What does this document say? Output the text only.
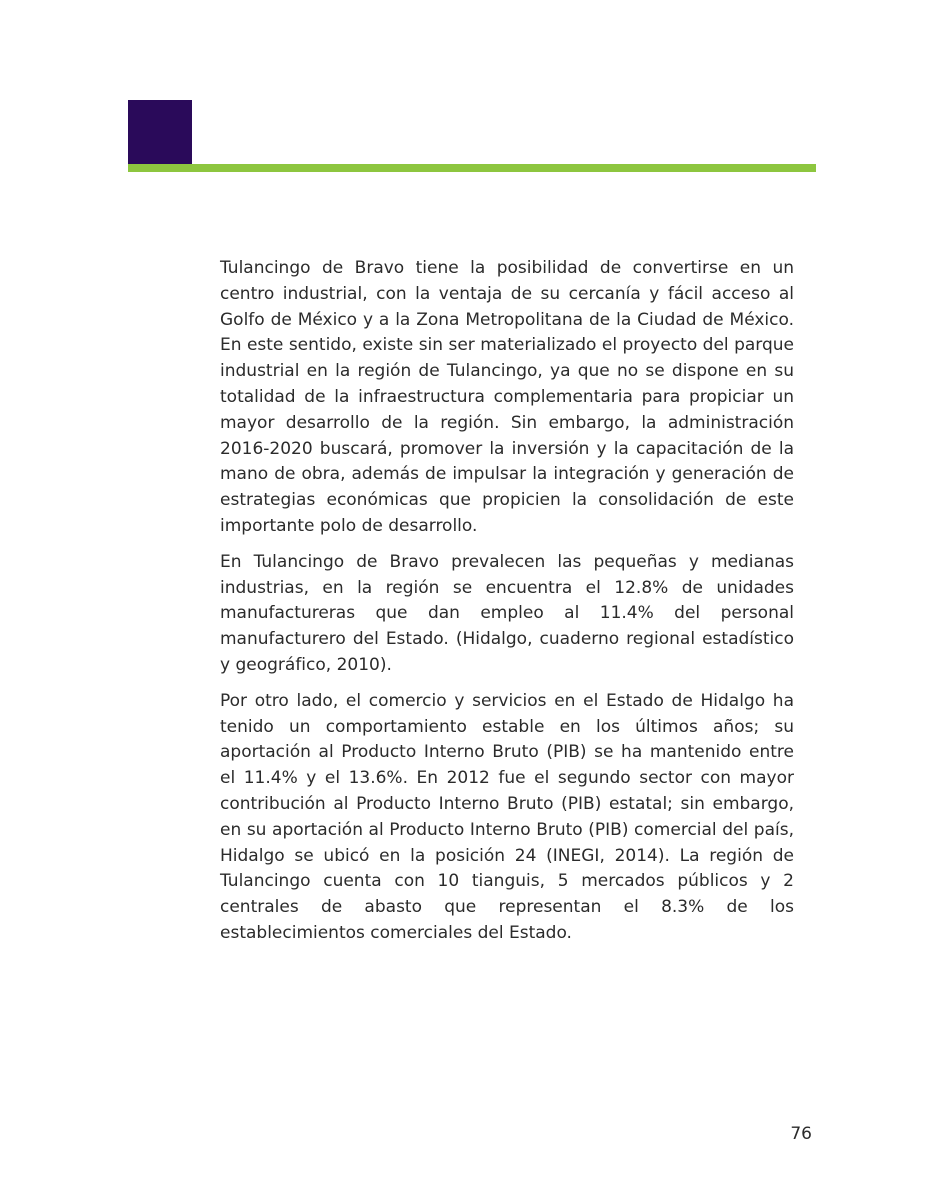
Tulancingo de Bravo tiene la posibilidad de convertirse en un centro industrial, con la ventaja de su cercanía y fácil acceso al Golfo de México y a la Zona Metropolitana de la Ciudad de México. En este sentido, existe sin ser materializado el proyecto del parque industrial en la región de Tulancingo, ya que no se dispone en su totalidad de la infraestructura complementaria para propiciar un mayor desarrollo de la región. Sin embargo, la administración 2016-2020 buscará, promover la inversión y la capacitación de la mano de obra, además de impulsar la integración y generación de estrategias económicas que propicien la consolidación de este importante polo de desarrollo.

En Tulancingo de Bravo prevalecen las pequeñas y medianas industrias, en la región se encuentra el 12.8% de unidades manufactureras que dan empleo al 11.4% del personal manufacturero del Estado. (Hidalgo, cuaderno regional estadístico y geográfico, 2010).

Por otro lado, el comercio y servicios en el Estado de Hidalgo ha tenido un comportamiento estable en los últimos años; su aportación al Producto Interno Bruto (PIB) se ha mantenido entre el 11.4% y el 13.6%. En 2012 fue el segundo sector con mayor contribución al Producto Interno Bruto (PIB) estatal; sin embargo, en su aportación al Producto Interno Bruto (PIB) comercial del país, Hidalgo se ubicó en la posición 24 (INEGI, 2014). La región de Tulancingo cuenta con 10 tianguis, 5 mercados públicos y 2 centrales de abasto que representan el 8.3% de los establecimientos comerciales del Estado.

76
